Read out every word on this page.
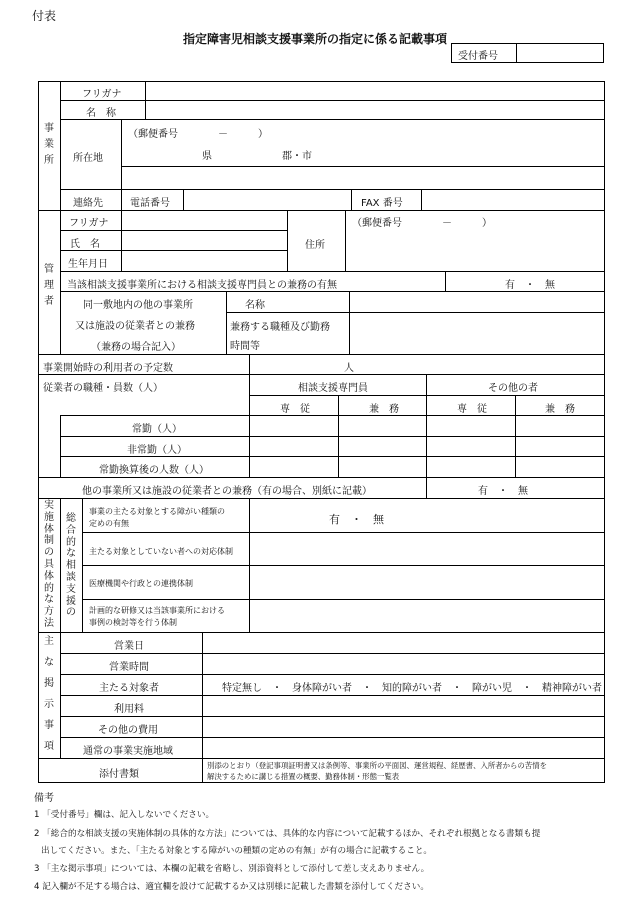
付表
指定障害児相談支援事業所の指定に係る記載事項
受付番号
事
業
所
フリガナ
名　称
所在地
（郵便番号　　　　－　　　）
県　　　　　　　郡・市
連絡先	電話番号	FAX 番号
管
理
者
フリガナ
氏　名
生年月日
住所
（郵便番号　　　　－　　　）
当該相談支援事業所における相談支援専門員との兼務の有無	有　・　無
同一敷地内の他の事業所
又は施設の従業者との兼務
（兼務の場合記入）
名称
兼務する職種及び勤務
時間等
事業開始時の利用者の予定数	人
従業者の職種・員数（人）	相談支援専門員	その他の者
専　従	兼　務	専　従	兼　務
常勤（人）
非常勤（人）
常勤換算後の人数（人）
他の事業所又は施設の従業者との兼務（有の場合、別紙に記載）	有　・　無
実
施
体
制
の
具
体
的
な
方
法
総
合
的
な
相
談
支
援
の
事業の主たる対象とする障がい種類の
定めの有無	有　・　無
主たる対象としていない者への対応体制
医療機関や行政との連携体制
計画的な研修又は当該事業所における
事例の検討等を行う体制
主
な
掲
示
事
項
営業日
営業時間
主たる対象者	特定無し　・　身体障がい者　・　知的障がい者　・　障がい児　・　精神障がい者
利用料
その他の費用
通常の事業実施地域
添付書類
別添のとおり（登記事項証明書又は条例等、事業所の平面図、運営規程、経歴書、入所者からの苦情を
解決するために講じる措置の概要、勤務体制・形態一覧表
備考
1 「受付番号」欄は、記入しないでください。
2 「総合的な相談支援の実施体制の具体的な方法」については、具体的な内容について記載するほか、それぞれ根拠となる書類も提
出してください。また、「主たる対象とする障がいの種類の定めの有無」が有の場合に記載すること。
3 「主な掲示事項」については、本欄の記載を省略し、別添資料として添付して差し支えありません。
4 記入欄が不足する場合は、適宜欄を設けて記載するか又は別様に記載した書類を添付してください。
